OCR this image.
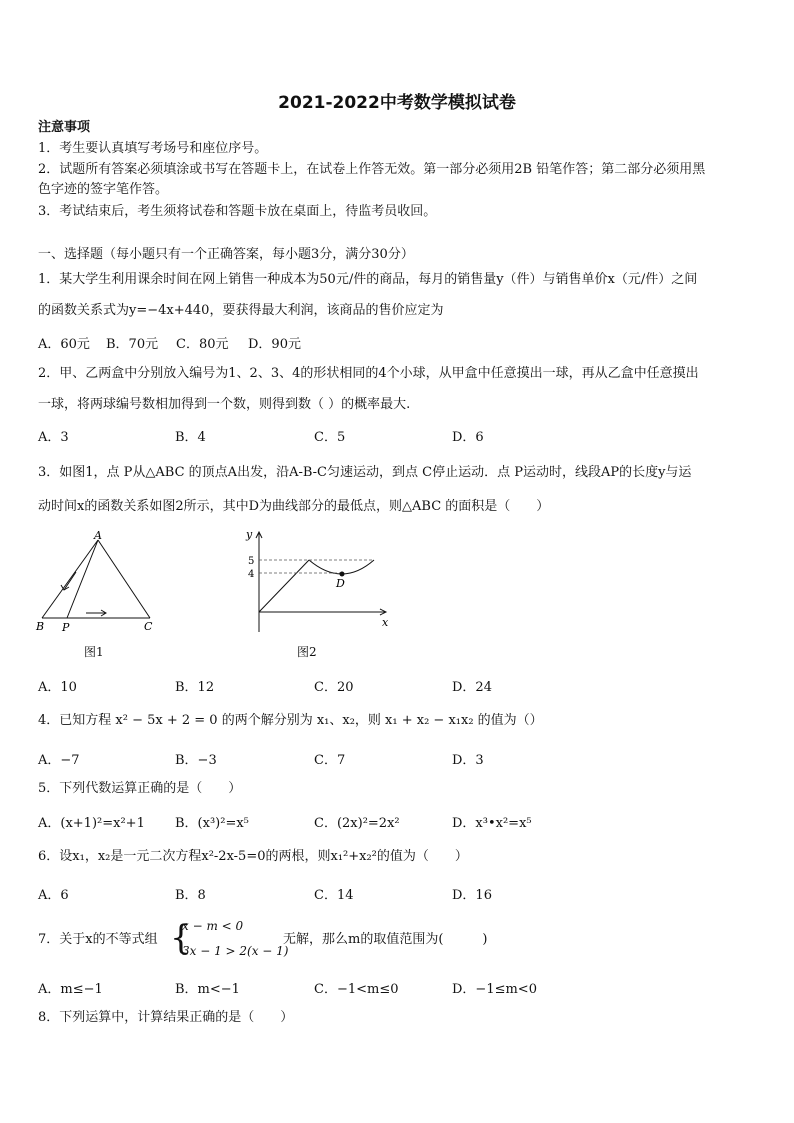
2021-2022中考数学模拟试卷
注意事项
1．考生要认真填写考场号和座位序号。
2．试题所有答案必须填涂或书写在答题卡上，在试卷上作答无效。第一部分必须用2B 铅笔作答；第二部分必须用黑
色字迹的签字笔作答。
3．考试结束后，考生须将试卷和答题卡放在桌面上，待监考员收回。
一、选择题（每小题只有一个正确答案，每小题3分，满分30分）
1．某大学生利用课余时间在网上销售一种成本为50元/件的商品，每月的销售量y（件）与销售单价x（元/件）之间
的函数关系式为y=−4x+440，要获得最大利润，该商品的售价应定为
A．60元 B．70元 C．80元 D．90元
2．甲、乙两盒中分别放入编号为1、2、3、4的形状相同的4个小球，从甲盒中任意摸出一球，再从乙盒中任意摸出
一球，将两球编号数相加得到一个数，则得到数（ ）的概率最大.
A．3	B．4	C．5	D．6
3．如图1，点 P从△ABC 的顶点A出发，沿A-B-C匀速运动，到点 C停止运动．点 P运动时，线段AP的长度y与运
动时间x的函数关系如图2所示，其中D为曲线部分的最低点，则△ABC 的面积是（　　）
A
B P	C
图1
y
5
4
D
x
图2
A．10	B．12	C．20	D．24
4．已知方程 x² − 5x + 2 = 0 的两个解分别为 x₁、x₂，则 x₁ + x₂ − x₁x₂ 的值为（）
A．−7	B．−3	C．7	D．3
5．下列代数运算正确的是（　　）
A．(x+1)²=x²+1 B．(x³)²=x⁵	C．(2x)²=2x²	D．x³•x²=x⁵
6．设x₁，x₂是一元二次方程x²-2x-5=0的两根，则x₁²+x₂²的值为（　　）
A．6	B．8	C．14	D．16
7．关于x的不等式组 {
x − m < 0
3x − 1 > 2(x − 1)
无解，那么m的取值范围为(　　　)
A．m≤−1	B．m<−1	C．−1<m≤0	D．−1≤m<0
8．下列运算中，计算结果正确的是（　　）
